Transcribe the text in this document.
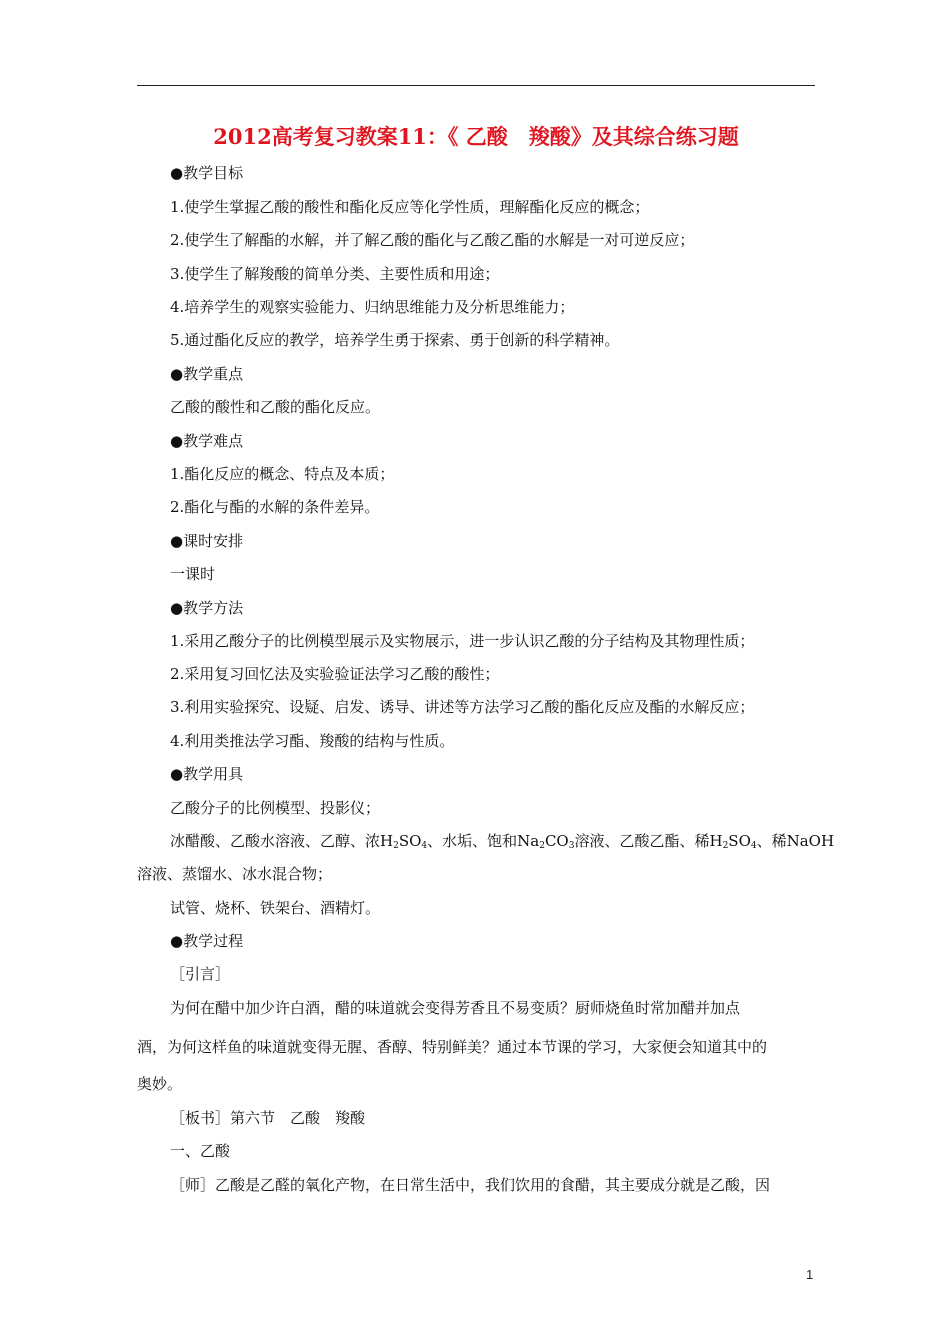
2012高考复习教案11：《 乙酸　羧酸》及其综合练习题
●教学目标
1.使学生掌握乙酸的酸性和酯化反应等化学性质，理解酯化反应的概念；
2.使学生了解酯的水解，并了解乙酸的酯化与乙酸乙酯的水解是一对可逆反应；
3.使学生了解羧酸的简单分类、主要性质和用途；
4.培养学生的观察实验能力、归纳思维能力及分析思维能力；
5.通过酯化反应的教学，培养学生勇于探索、勇于创新的科学精神。
●教学重点
乙酸的酸性和乙酸的酯化反应。
●教学难点
1.酯化反应的概念、特点及本质；
2.酯化与酯的水解的条件差异。
●课时安排
一课时
●教学方法
1.采用乙酸分子的比例模型展示及实物展示，进一步认识乙酸的分子结构及其物理性质；
2.采用复习回忆法及实验验证法学习乙酸的酸性；
3.利用实验探究、设疑、启发、诱导、讲述等方法学习乙酸的酯化反应及酯的水解反应；
4.利用类推法学习酯、羧酸的结构与性质。
●教学用具
乙酸分子的比例模型、投影仪；
冰醋酸、乙酸水溶液、乙醇、浓$H_2SO_4$、水垢、饱和$Na_2CO_3$溶液、乙酸乙酯、稀$H_2SO_4$、稀NaOH
溶液、蒸馏水、冰水混合物；
试管、烧杯、铁架台、酒精灯。
●教学过程
［引言］
为何在醋中加少许白酒，醋的味道就会变得芳香且不易变质？厨师烧鱼时常加醋并加点
酒，为何这样鱼的味道就变得无腥、香醇、特别鲜美？通过本节课的学习，大家便会知道其中的
奥妙。
［板书］第六节　乙酸　羧酸
一、乙酸
［师］乙酸是乙醛的氧化产物，在日常生活中，我们饮用的食醋，其主要成分就是乙酸，因
1
